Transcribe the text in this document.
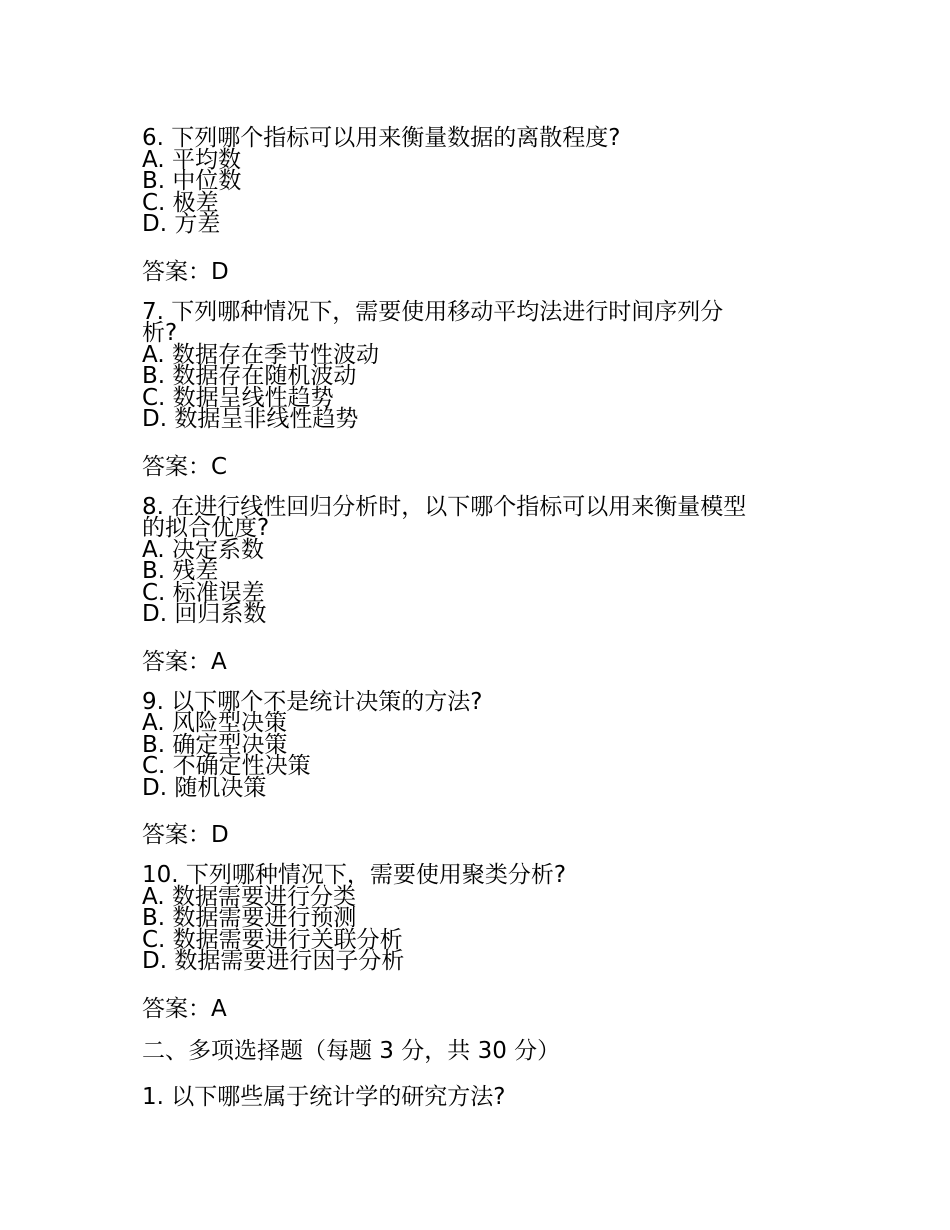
6. 下列哪个指标可以用来衡量数据的离散程度?
A. 平均数
B. 中位数
C. 极差
D. 方差
答案：D
7. 下列哪种情况下，需要使用移动平均法进行时间序列分
析?
A. 数据存在季节性波动
B. 数据存在随机波动
C. 数据呈线性趋势
D. 数据呈非线性趋势
答案：C
8. 在进行线性回归分析时，以下哪个指标可以用来衡量模型
的拟合优度?
A. 决定系数
B. 残差
C. 标准误差
D. 回归系数
答案：A
9. 以下哪个不是统计决策的方法?
A. 风险型决策
B. 确定型决策
C. 不确定性决策
D. 随机决策
答案：D
10. 下列哪种情况下，需要使用聚类分析?
A. 数据需要进行分类
B. 数据需要进行预测
C. 数据需要进行关联分析
D. 数据需要进行因子分析
答案：A
二、多项选择题（每题 3 分，共 30 分）
1. 以下哪些属于统计学的研究方法?
